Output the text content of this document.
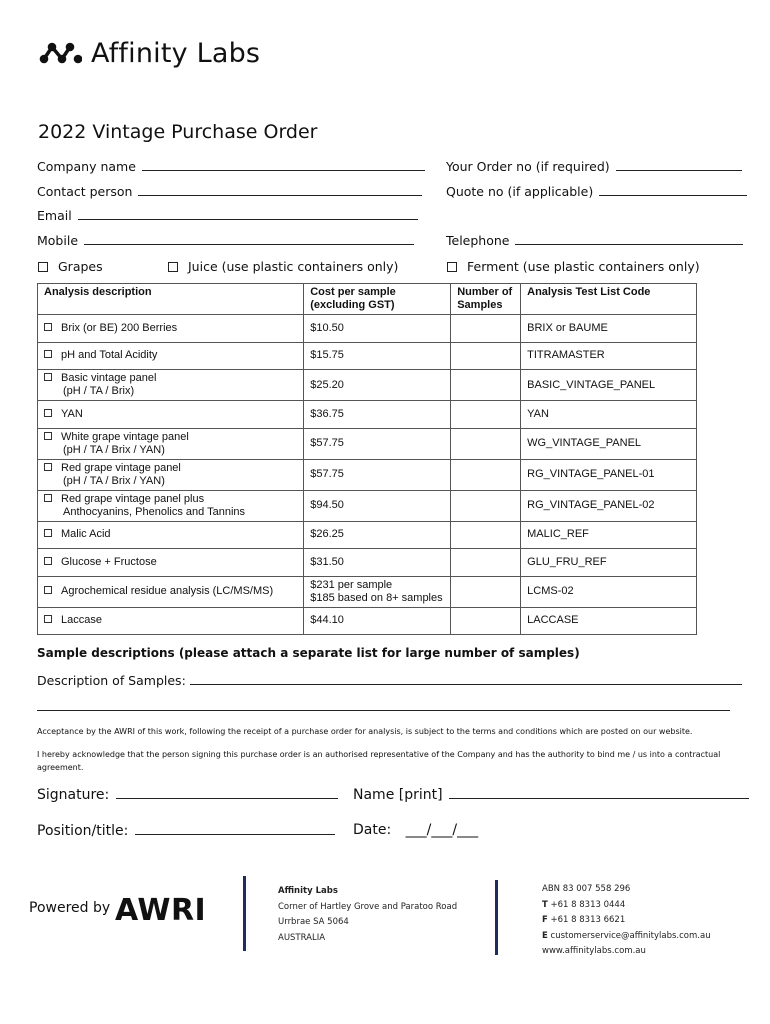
Affinity Labs
2022 Vintage Purchase Order
Company name
Contact person
Email
Mobile
Your Order no (if required)
Quote no (if applicable)
Telephone
Grapes	Juice (use plastic containers only)	Ferment (use plastic containers only)
Analysis description	Cost per sample (excluding GST)	Number of Samples	Analysis Test List Code
Brix (or BE) 200 Berries	$10.50		BRIX or BAUME
pH and Total Acidity	$15.75		TITRAMASTER
Basic vintage panel
(pH / TA / Brix)	$25.20		BASIC_VINTAGE_PANEL
YAN	$36.75		YAN
White grape vintage panel
(pH / TA / Brix / YAN)	$57.75		WG_VINTAGE_PANEL
Red grape vintage panel
(pH / TA / Brix / YAN)	$57.75		RG_VINTAGE_PANEL-01
Red grape vintage panel plus
Anthocyanins, Phenolics and Tannins	$94.50		RG_VINTAGE_PANEL-02
Malic Acid	$26.25		MALIC_REF
Glucose + Fructose	$31.50		GLU_FRU_REF
Agrochemical residue analysis (LC/MS/MS)	$231 per sample
$185 based on 8+ samples		LCMS-02
Laccase	$44.10		LACCASE
Sample descriptions (please attach a separate list for large number of samples)
Description of Samples:
Acceptance by the AWRI of this work, following the receipt of a purchase order for analysis, is subject to the terms and conditions which are posted on our website.
I hereby acknowledge that the person signing this purchase order is an authorised representative of the Company and has the authority to bind me / us into a contractual agreement.
Signature:	Name [print]
Position/title:	Date: ___/___/___
Powered by AWRI
Affinity Labs
Corner of Hartley Grove and Paratoo Road
Urrbrae SA 5064
AUSTRALIA
ABN 83 007 558 296
T +61 8 8313 0444
F +61 8 8313 6621
E customerservice@affinitylabs.com.au
www.affinitylabs.com.au
